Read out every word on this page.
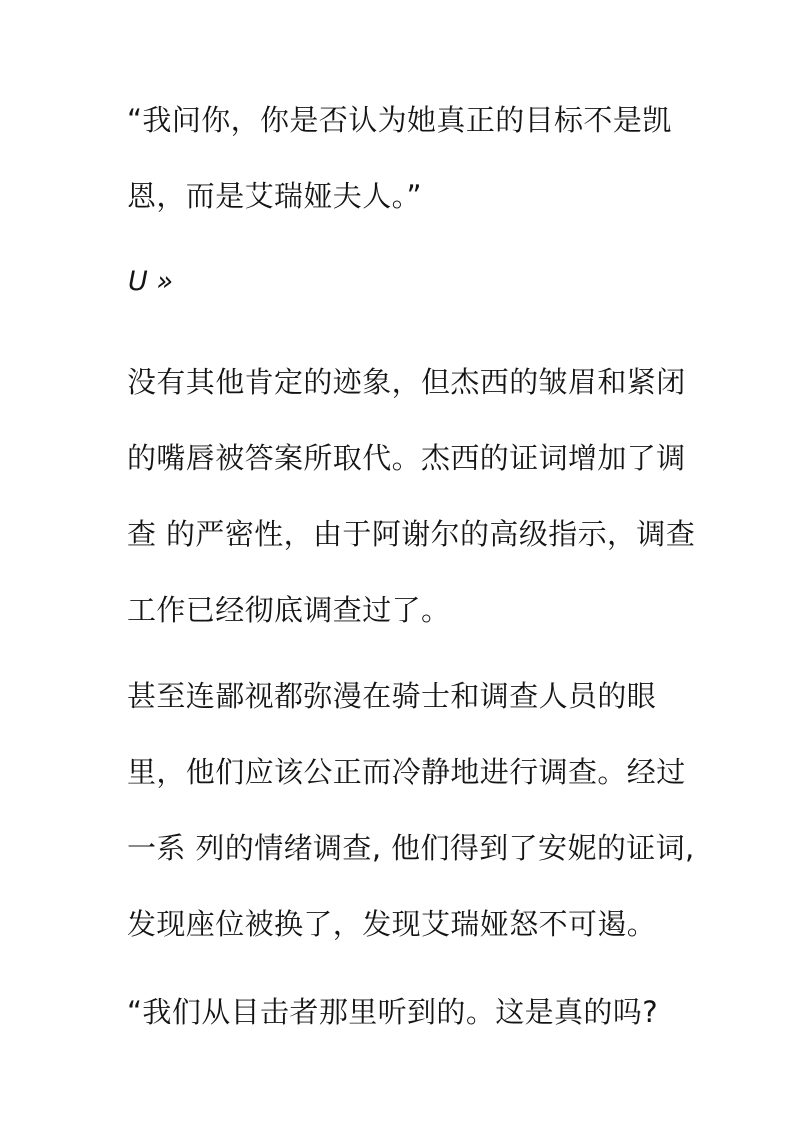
“我问你，你是否认为她真正的目标不是凯
恩，而是艾瑞娅夫人。”
U »
没有其他肯定的迹象，但杰西的皱眉和紧闭
的嘴唇被答案所取代。杰西的证词增加了调
查 的严密性，由于阿谢尔的高级指示，调查
工作已经彻底调查过了。
甚至连鄙视都弥漫在骑士和调查人员的眼
里，他们应该公正而冷静地进行调查。经过
一系 列的情绪调查, 他们得到了安妮的证词,
发现座位被换了，发现艾瑞娅怒不可遏。
“我们从目击者那里听到的。这是真的吗?
